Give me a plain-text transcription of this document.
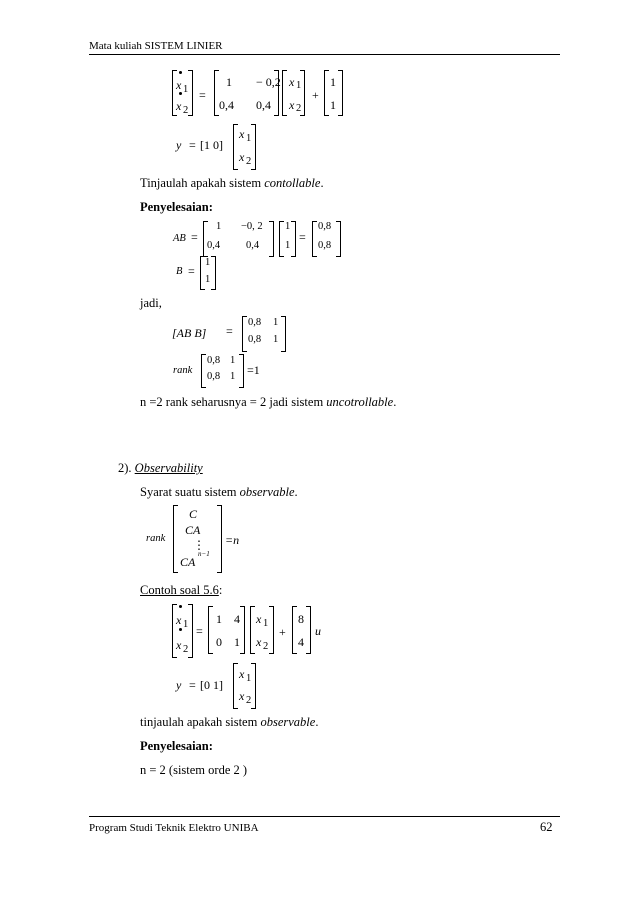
Mata kuliah SISTEM LINIER
x 1
x 2
=
1 − 0,2
0,4 0,4
x 1
x 2
+
1
1
y = [1 0]
x 1
x 2
Tinjaulah apakah sistem contollable.
Penyelesaian:
AB =
1 −0, 2
0,4 0,4
1
1
=
0,8
0,8
B =
1
1
jadi,
[AB B] =
0,8 1
0,8 1
rank
0,8 1
0,8 1 =1
n =2 rank seharusnya = 2 jadi sistem uncotrollable.
2). Observability
Syarat suatu sistem observable.
rank
C
CA
⋮
CA
n−1
=n
Contoh soal 5.6:
x 1
x 2
=
1 4
0 1
x 1
x 2
+
8
4
u
y = [0 1]
x 1
x 2
tinjaulah apakah sistem observable.
Penyelesaian:
n = 2 (sistem orde 2 )
Program Studi Teknik Elektro UNIBA	62
